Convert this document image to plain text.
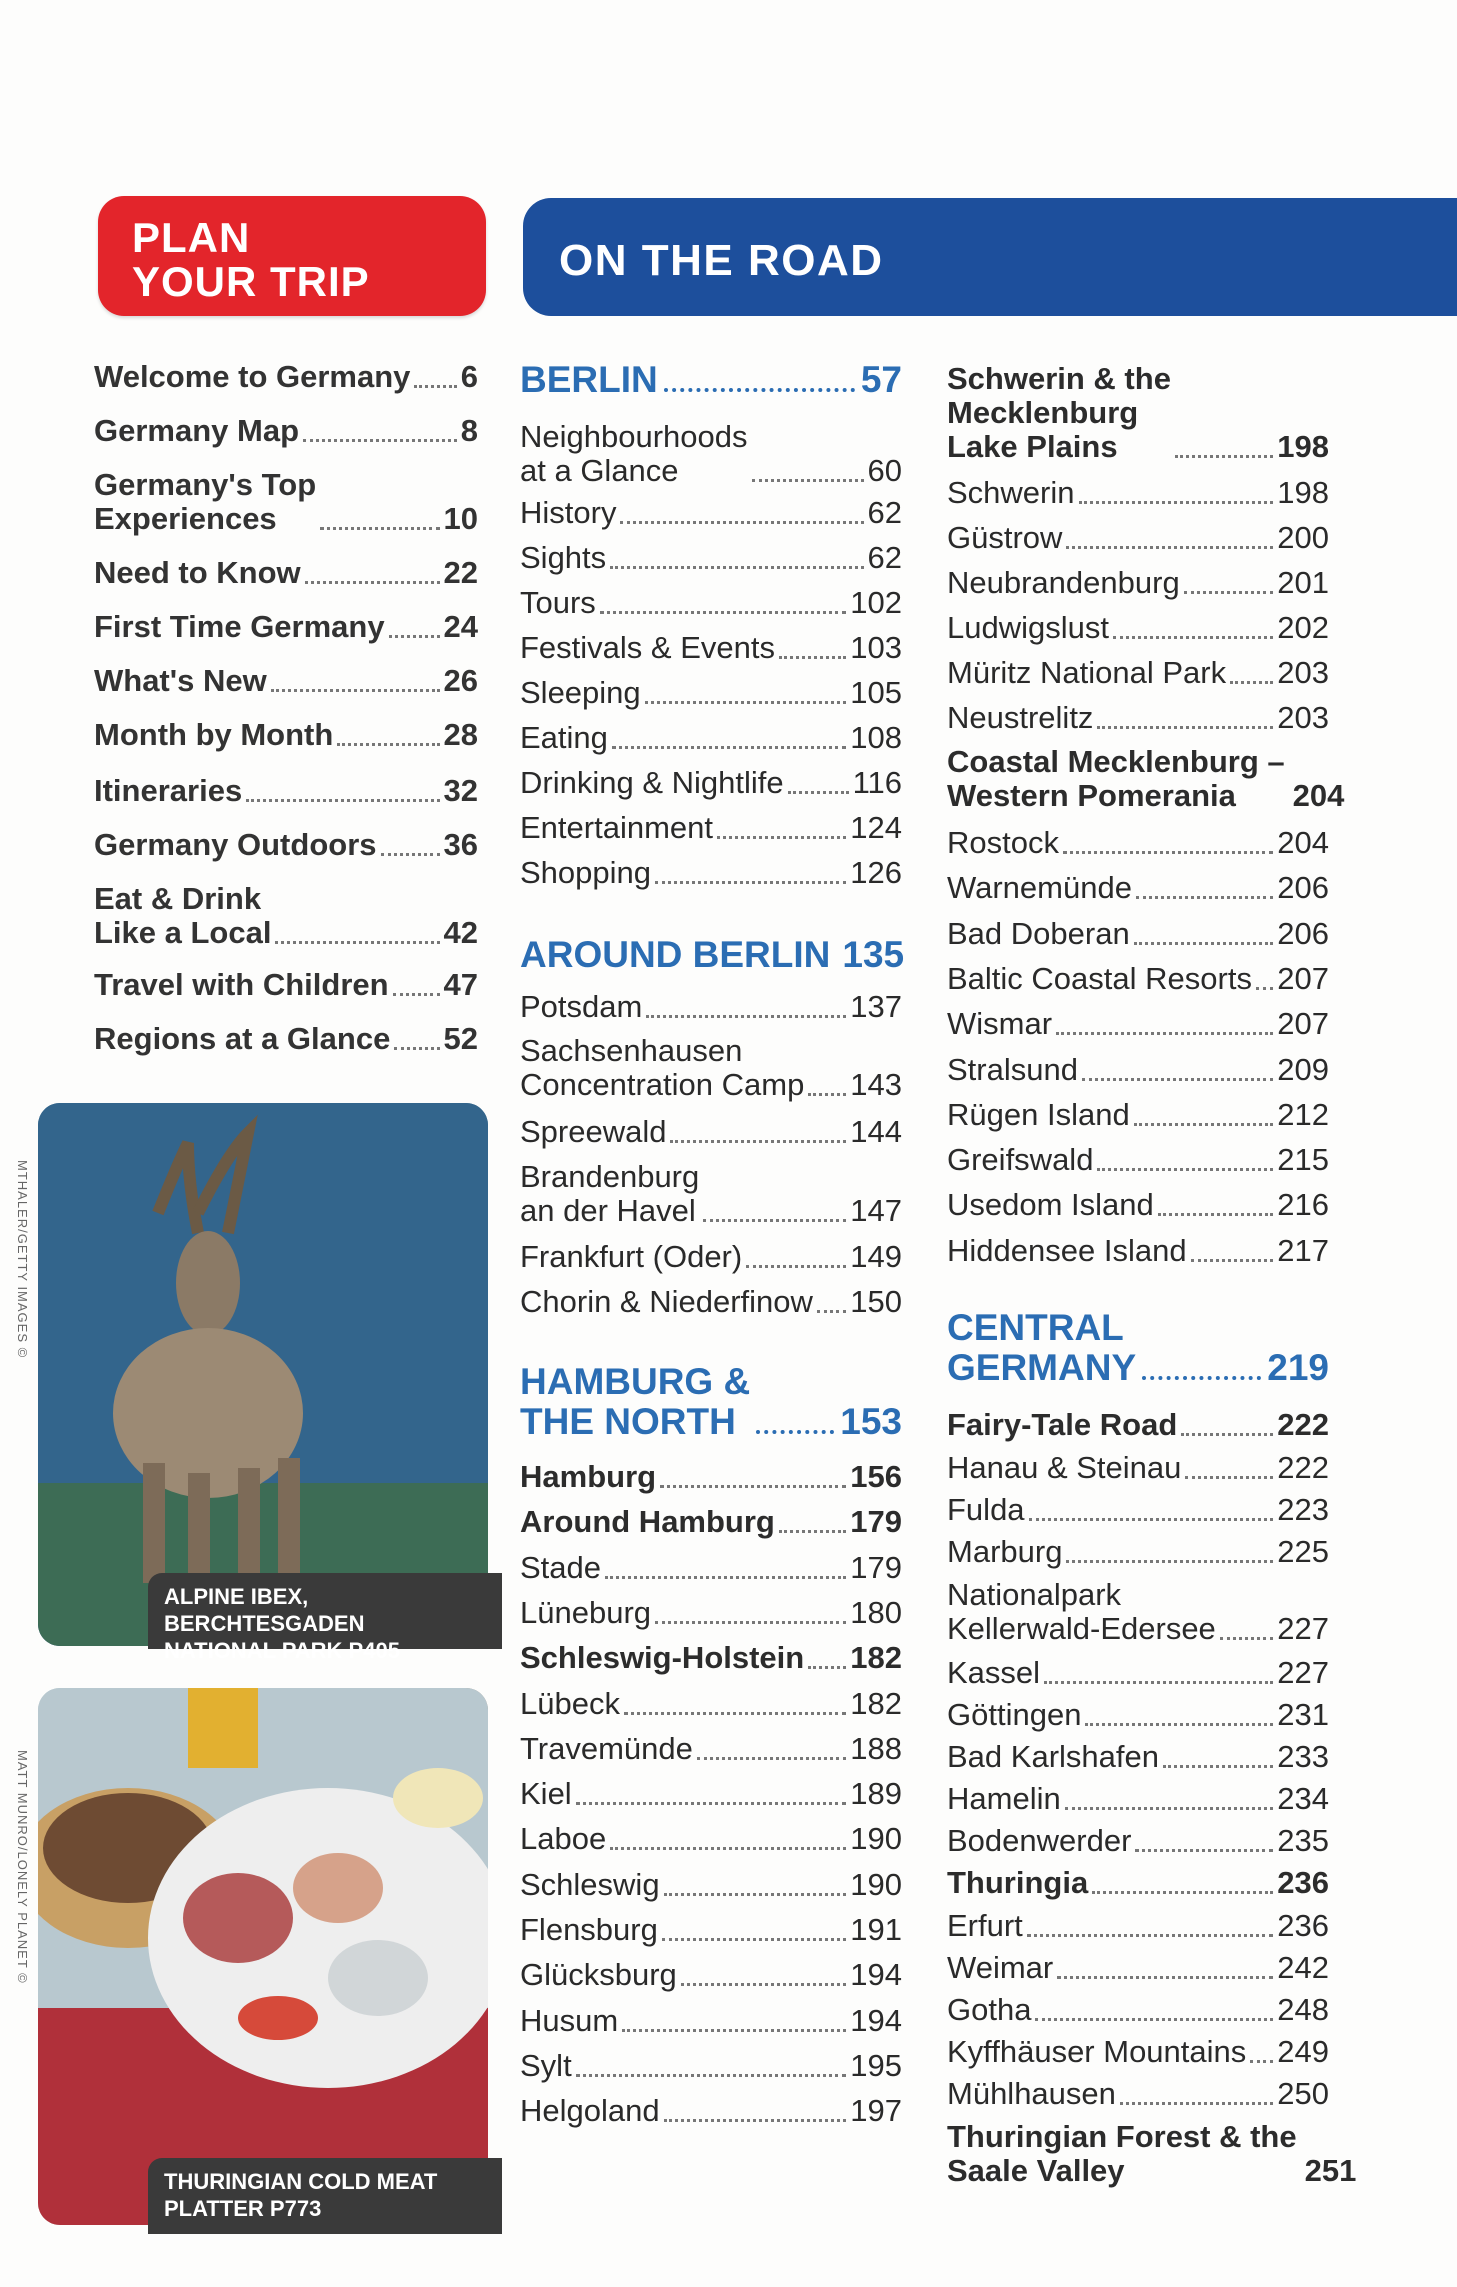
PLAN
YOUR TRIP	ON THE ROAD
Welcome to Germany 6
Germany Map	8
Germany's Top
Experiences	10
Need to Know	22
First Time Germany 24
What's New	26
Month by Month	28
Itineraries	32
Germany Outdoors 36
Eat & Drink
Like a Local	42
Travel with Children 47
Regions at a Glance 52
ALPINE IBEX, BERCHTESGADEN
NATIONAL PARK P405
MTHALER/GETTY IMAGES ©
THURINGIAN COLD MEAT
PLATTER P773
MATT MUNRO/LONELY PLANET ©
BERLIN	57
Neighbourhoods
at a Glance	60
History	62
Sights	62
Tours	102
Festivals & Events 103
Sleeping	105
Eating	108
Drinking & Nightlife 116
Entertainment	124
Shopping	126
AROUND BERLIN 135
Potsdam	137
Sachsenhausen
Concentration Camp 143
Spreewald	144
Brandenburg
an der Havel	147
Frankfurt (Oder)	149
Chorin & Niederfinow 150
HAMBURG &
THE NORTH	153
Hamburg	156
Around Hamburg 179
Stade	179
Lüneburg	180
Schleswig-Holstein 182
Lübeck	182
Travemünde	188
Kiel	189
Laboe	190
Schleswig	190
Flensburg	191
Glücksburg	194
Husum	194
Sylt	195
Helgoland	197
Schwerin & the
Mecklenburg
Lake Plains	198
Schwerin	198
Güstrow	200
Neubrandenburg	201
Ludwigslust	202
Müritz National Park 203
Neustrelitz	203
Coastal Mecklenburg –
Western Pomerania	204
Rostock	204
Warnemünde	206
Bad Doberan	206
Baltic Coastal Resorts 207
Wismar	207
Stralsund	209
Rügen Island	212
Greifswald	215
Usedom Island	216
Hiddensee Island	217
CENTRAL
GERMANY	219
Fairy-Tale Road	222
Hanau & Steinau	222
Fulda	223
Marburg	225
Nationalpark
Kellerwald-Edersee 227
Kassel	227
Göttingen	231
Bad Karlshafen	233
Hamelin	234
Bodenwerder	235
Thuringia	236
Erfurt	236
Weimar	242
Gotha	248
Kyffhäuser Mountains 249
Mühlhausen	250
Thuringian Forest & the
Saale Valley	251
